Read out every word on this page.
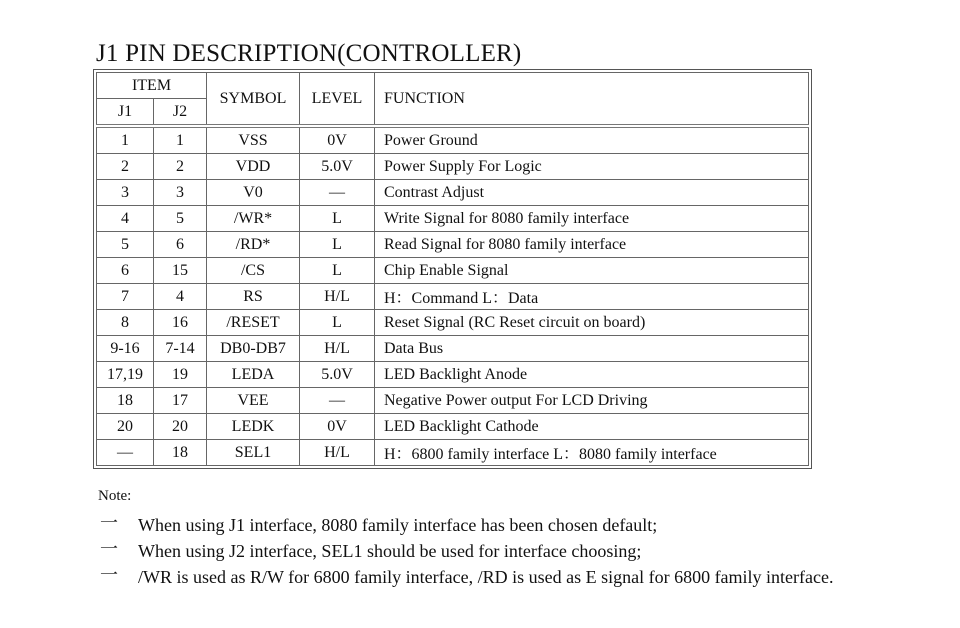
J1 PIN DESCRIPTION(CONTROLLER)
ITEM		SYMBOL	LEVEL	FUNCTION
J1	J2			
1	1	VSS	0V	Power Ground
2	2	VDD	5.0V	Power Supply For Logic
3	3	V0	—	Contrast Adjust
4	5	/WR*	L	Write Signal for 8080 family interface
5	6	/RD*	L	Read Signal for 8080 family interface
6	15	/CS	L	Chip Enable Signal
7	4	RS	H/L	H：Command L：Data
8	16	/RESET	L	Reset Signal (RC Reset circuit on board)
9-16	7-14	DB0-DB7	H/L	Data Bus
17,19	19	LEDA	5.0V	LED Backlight Anode
18	17	VEE	—	Negative Power output For LCD Driving
20	20	LEDK	0V	LED Backlight Cathode
—	18	SEL1	H/L	H：6800 family interface L：8080 family interface
Note:
一 When using J1 interface, 8080 family interface has been chosen default;
一 When using J2 interface, SEL1 should be used for interface choosing;
一 /WR is used as R/W for 6800 family interface, /RD is used as E signal for 6800 family interface.
